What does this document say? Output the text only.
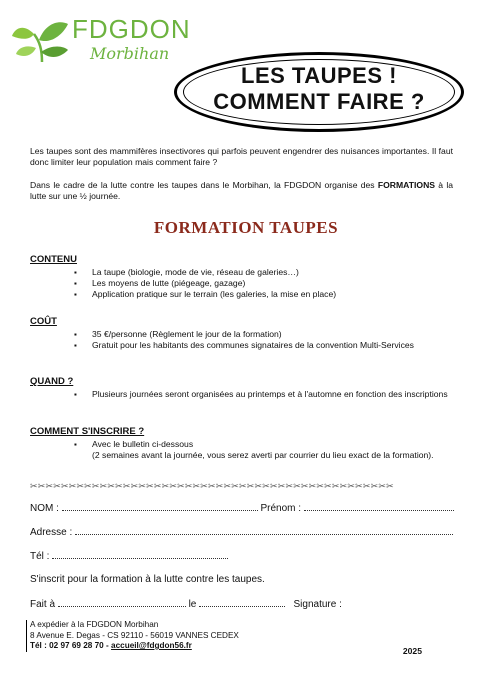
FDGDON
Morbihan
LES TAUPES !
COMMENT FAIRE ?

Les taupes sont des mammifères insectivores qui parfois peuvent engendrer des nuisances importantes. Il faut donc limiter leur population mais comment faire ?

Dans le cadre de la lutte contre les taupes dans le Morbihan, la FDGDON organise des FORMATIONS à la lutte sur une ½ journée.

FORMATION TAUPES
CONTENU
▪ La taupe (biologie, mode de vie, réseau de galeries…)
▪ Les moyens de lutte (piégeage, gazage)
▪ Application pratique sur le terrain (les galeries, la mise en place)
COÛT
▪ 35 €/personne (Règlement le jour de la formation)
▪ Gratuit pour les habitants des communes signataires de la convention Multi-Services
QUAND ?
▪ Plusieurs journées seront organisées au printemps et à l'automne en fonction des inscriptions
COMMENT S'INSCRIRE ?
▪ Avec le bulletin ci-dessous
(2 semaines avant la journée, vous serez averti par courrier du lieu exact de la formation).
✂✂✂✂✂✂✂✂✂✂✂✂✂✂✂✂✂✂✂✂✂✂✂✂✂✂✂✂✂✂✂✂✂✂✂✂✂✂✂✂✂✂✂✂✂✂✂
NOM :	Prénom :
Adresse :
Tél :
S'inscrit pour la formation à la lutte contre les taupes.
Fait à	le	Signature :
A expédier à la FDGDON Morbihan
8 Avenue E. Degas - CS 92110 - 56019 VANNES CEDEX
Tél : 02 97 69 28 70 - accueil@fdgdon56.fr
2025
